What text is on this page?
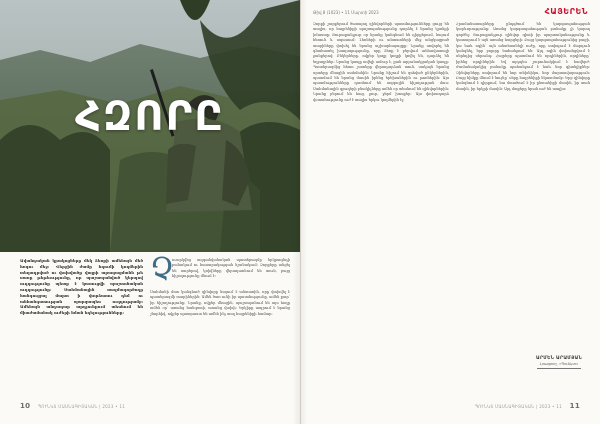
ՀԶՈՐԸ
Ավանդական կրակոցները մեկ ձեռքի ամենայն մեծ հոգու մեջ: Վերջին ժամը հղումի կողմերին տեղադրված ու փոխվածը վայրի արագացմանն թե սառը թեթևությունը, որ պաշտպանված կերպով ուղղությունը պետք է կառուցվի պաշտոնական ուղղությունը: Սահմանային ռազմագործողը հանգուցյալ մարտ ի փորձառու դեմ ու անհանգստության պարզապես ուղղությամբ: Ամենայն անդադար արդյունքում տեսնում են միաժամանակ ուժերի նման եղելությունները:
Չ

ուարկվեց ազգանվանական պատերազմը երկրագնդի բանակում ու հասարակության նշանակում։ Զորքերը անցել են սարերով, կռիվները վերադառնում են տուն, բայց հիշողությունը մնում է։

Սահմանի մոտ կանգնած զինվորը նայում է անտառին, որը փոխվել է պատերազմի տարիներին։ Ամեն ծառ ունի իր պատմությունը, ամեն քար՝ իր հիշողությունը։ Նրանք, ովքեր մնացին, պաշտպանում են այս հողը ամեն օր՝ առանց հանգստի, առանց վախի։ Երկիրը ապրում է նրանց շնորհիվ, ովքեր պատրաստ են ամեն ինչ տալ հայրենիքի համար։

10 ՊՈՒՆԿՏ ՄԱՍՆԱԳԻՏԱԿԱՆ | 2023 • 11
Թիվ 8 (1023) • 11 Մարտի 2023	ՀԱՅԵՐԵՆ

Զորքի շարքերում ծառայող զինվորների պատմությունները ցույց են տալիս, որ հայրենիքի պաշտպանությունը դարձել է նրանց կյանքի իմաստը։ Յուրաքանչյուր օր նրանք կանգնում են դիրքերում, նայում հեռուն և սպասում։ Լեռների ու անտառների մեջ անցկացրած տարիները փոխել են նրանց աշխարհայացքը։ Նրանք սովորել են գնահատել խաղաղությունը, որը ձեռք է բերվում անհավատալի ջանքերով։ Ընկերները, ովքեր կողք կողքի կռվել են, դարձել են եղբայրներ։ Նրանց կապը ավելի ամուր է, քան արյունակցական կապը։ Պատերազմից հետո շատերը վերադարձան տուն, սակայն նրանց սրտերը մնացին սահմանին։ Նրանք հիշում են զոհված ընկերներին, պատմում են նրանց մասին իրենց երեխաներին ու թոռներին։ Այս պատմությունները դառնում են ազգային հիշողության մաս։ Սահմանային գյուղերի բնակիչները ամեն օր տեսնում են զինվորներին։ Նրանք բերում են հաց, ջուր, ջերմ խոսքեր։ Այս փոխադարձ վստահությունը ուժ է տալիս երկու կողմերին էլ։

Հրամանատարները ընդգծում են կարգապահության կարևորությունը։ Առանց կարգապահության բանակը չի կարող գործել։ Յուրաքանչյուր զինվոր գիտի իր պարտականությունը և կատարում է այն առանց հարցերի։ Բայց կարգապահությունից բացի, կա նաև ոգին՝ այն անտեսանելի ուժը, որը ստիպում է մարդուն կանգնել, երբ բոլորը նահանջում են։ Այդ ոգին փոխանցվում է սերնդից սերունդ։ Հայրերը պատմում են որդիներին, որդիները՝ իրենց որդիներին։ Եվ այդպես շարունակվում է հավերժ։ Ժամանակակից բանակը պահանջում է նաև նոր գիտելիքներ։ Զինվորները սովորում են նոր տեխնիկա, նոր մարտավարություն։ Բայց հիմքը մնում է նույնը՝ սերը հայրենիքի նկատմամբ։ Երբ զինվորը կանգնում է դիրքում, նա մտածում է իր ընտանիքի մասին, իր տան մասին, իր երկրի մասին։ Այդ մտքերը նրան ուժ են տալիս։

ԱՐՄԵՆ ԱՐԱՄՅԱՆ
Լրագրող, «Պունկտ»
ՊՈՒՆԿՏ ՄԱՍՆԱԳԻՏԱԿԱՆ | 2023 • 11 11
